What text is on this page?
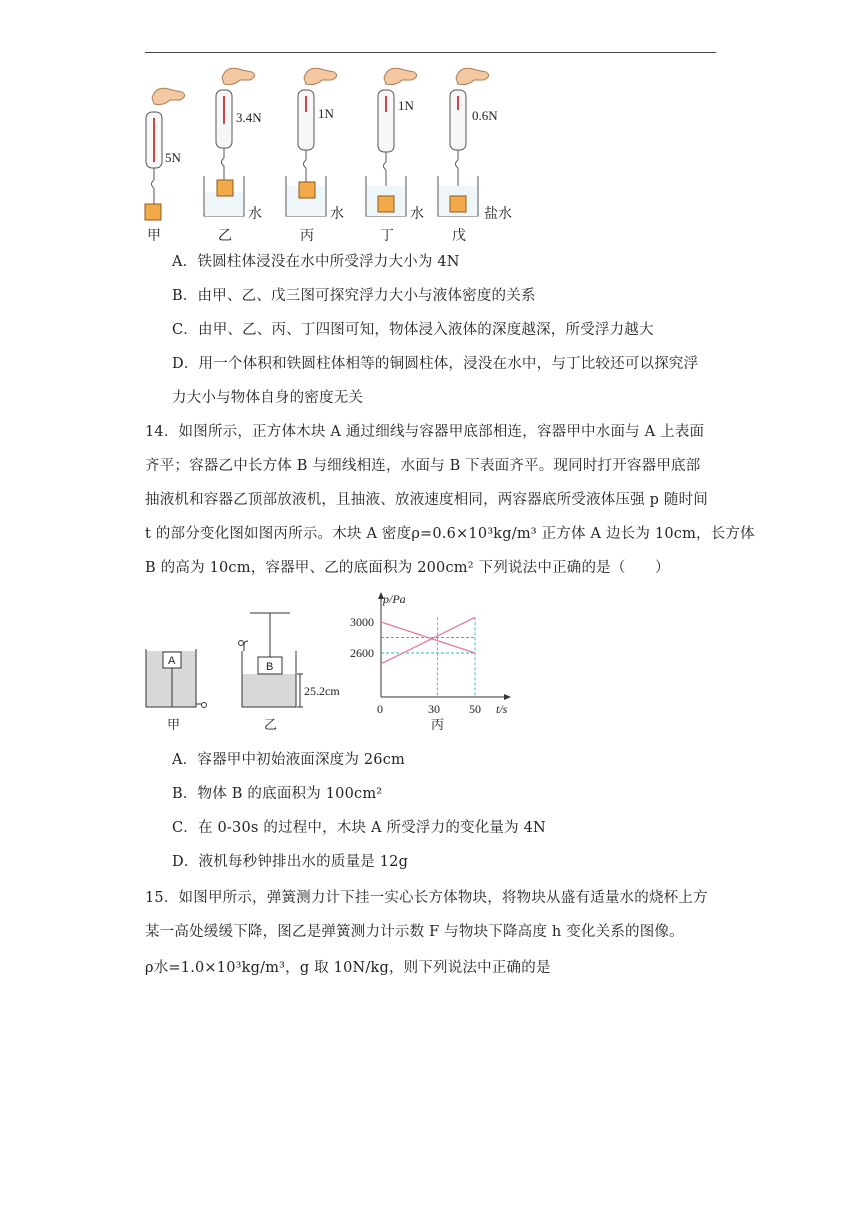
5N
3.4N	1N
1N
0.6N
水	水	水	盐水
甲	乙	丙	丁	戊
A．铁圆柱体浸没在水中所受浮力大小为 4N
B．由甲、乙、戊三图可探究浮力大小与液体密度的关系
C．由甲、乙、丙、丁四图可知，物体浸入液体的深度越深，所受浮力越大
D．用一个体积和铁圆柱体相等的铜圆柱体，浸没在水中，与丁比较还可以探究浮
力大小与物体自身的密度无关
14．如图所示，正方体木块 A 通过细线与容器甲底部相连，容器甲中水面与 A 上表面
齐平；容器乙中长方体 B 与细线相连，水面与 B 下表面齐平。现同时打开容器甲底部
抽液机和容器乙顶部放液机，且抽液、放液速度相同，两容器底所受液体压强 p 随时间
t 的部分变化图如图丙所示。木块 A 密度ρ=0.6×10³kg/m³ 正方体 A 边长为 10cm，长方体
B 的高为 10cm，容器甲、乙的底面积为 200cm² 下列说法中正确的是（　　）
A	B
25.2cm
甲	乙
p/Pa
t/s
0	30 50
3000
2600
丙
A．容器甲中初始液面深度为 26cm
B．物体 B 的底面积为 100cm²
C．在 0-30s 的过程中，木块 A 所受浮力的变化量为 4N
D．液机每秒钟排出水的质量是 12g
15．如图甲所示，弹簧测力计下挂一实心长方体物块，将物块从盛有适量水的烧杯上方
某一高处缓缓下降，图乙是弹簧测力计示数 F 与物块下降高度 h 变化关系的图像。
ρ水=1.0×10³kg/m³，g 取 10N/kg，则下列说法中正确的是
